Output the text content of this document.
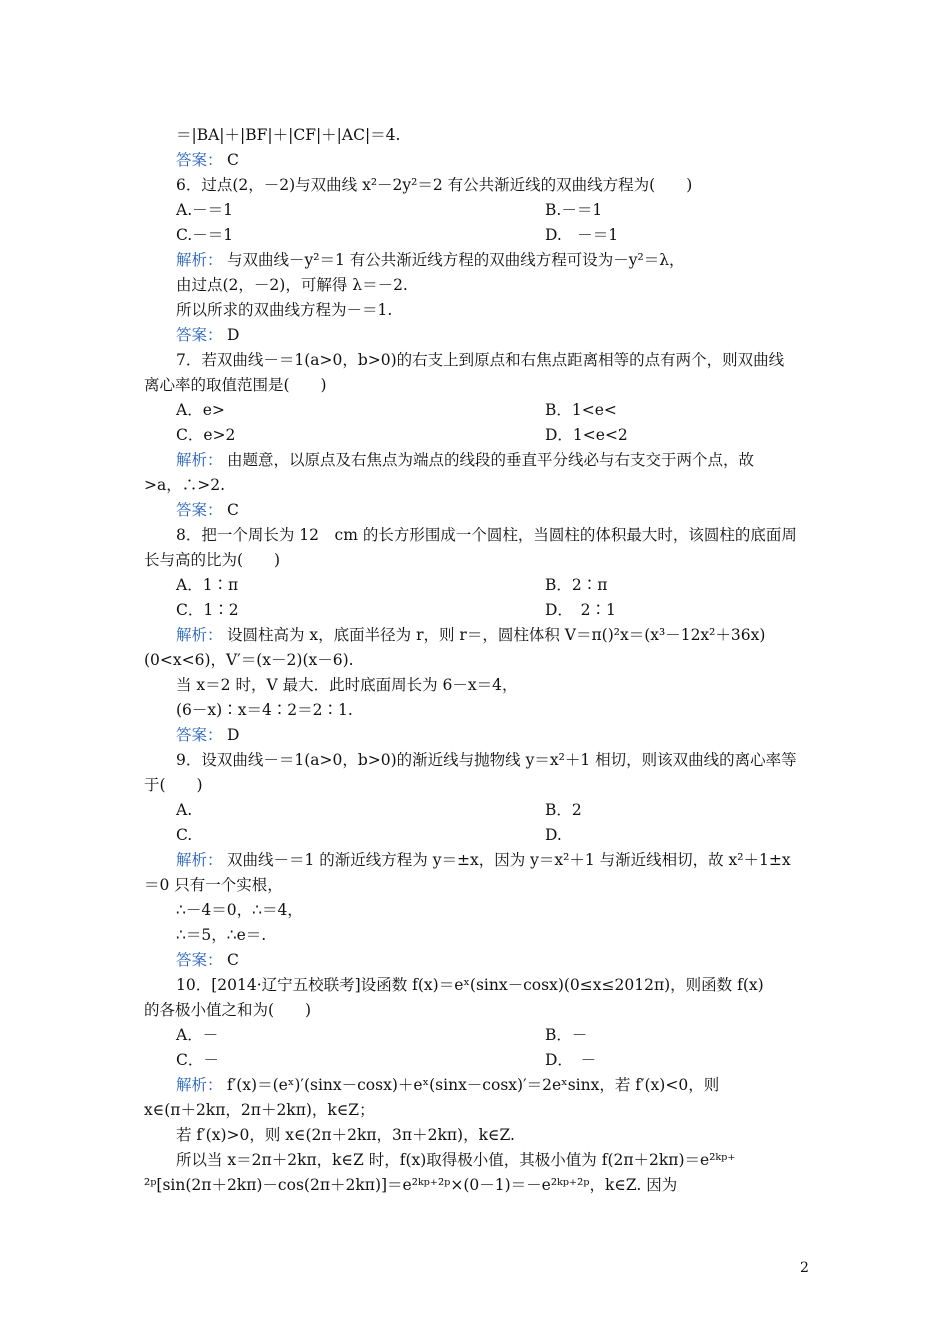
＝|BA|＋|BF|＋|CF|＋|AC|＝4.
答案： C
6．过点(2，－2)与双曲线 x²－2y²＝2 有公共渐近线的双曲线方程为(　　)
A.－＝1	B.－＝1
C.－＝1	D.　－＝1
解析： 与双曲线－y²＝1 有公共渐近线方程的双曲线方程可设为－y²＝λ，
由过点(2，－2)，可解得 λ＝－2.
所以所求的双曲线方程为－＝1.
答案： D
7．若双曲线－＝1(a>0，b>0)的右支上到原点和右焦点距离相等的点有两个，则双曲线
离心率的取值范围是(　　)
A．e>	B．1<e<
C．e>2	D．1<e<2
解析： 由题意，以原点及右焦点为端点的线段的垂直平分线必与右支交于两个点，故
>a，∴>2.
答案： C
8．把一个周长为 12　cm 的长方形围成一个圆柱，当圆柱的体积最大时，该圆柱的底面周
长与高的比为(　　)
A．1∶π	B．2∶π
C．1∶2	D．　2∶1
解析： 设圆柱高为 x，底面半径为 r，则 r＝，圆柱体积 V＝π()²x＝(x³－12x²＋36x)
(0<x<6)，V′＝(x－2)(x－6).
当 x＝2 时，V 最大．此时底面周长为 6－x＝4，
(6－x)∶x＝4∶2＝2∶1.
答案： D
9．设双曲线－＝1(a>0，b>0)的渐近线与抛物线 y＝x²＋1 相切，则该双曲线的离心率等
于(　　)
A.	B．2
C.	D.
解析： 双曲线－＝1 的渐近线方程为 y＝±x，因为 y＝x²＋1 与渐近线相切，故 x²＋1±x
＝0 只有一个实根，
∴－4＝0，∴＝4，
∴＝5，∴e＝.
答案： C
10．[2014·辽宁五校联考]设函数 f(x)＝eˣ(sinx－cosx)(0≤x≤2012π)，则函数 f(x)
的各极小值之和为(　　)
A．－	B．－
C．－	D．　－
解析： f′(x)＝(eˣ)′(sinx－cosx)＋eˣ(sinx－cosx)′＝2eˣsinx，若 f′(x)<0，则
x∈(π＋2kπ，2π＋2kπ)，k∈Z；
若 f′(x)>0，则 x∈(2π＋2kπ，3π＋2kπ)，k∈Z.
所以当 x＝2π＋2kπ，k∈Z 时，f(x)取得极小值，其极小值为 f(2π＋2kπ)＝e²ᵏᵖ⁺
²ᵖ[sin(2π＋2kπ)－cos(2π＋2kπ)]＝e²ᵏᵖ⁺²ᵖ×(0－1)＝－e²ᵏᵖ⁺²ᵖ，k∈Z. 因为
2
